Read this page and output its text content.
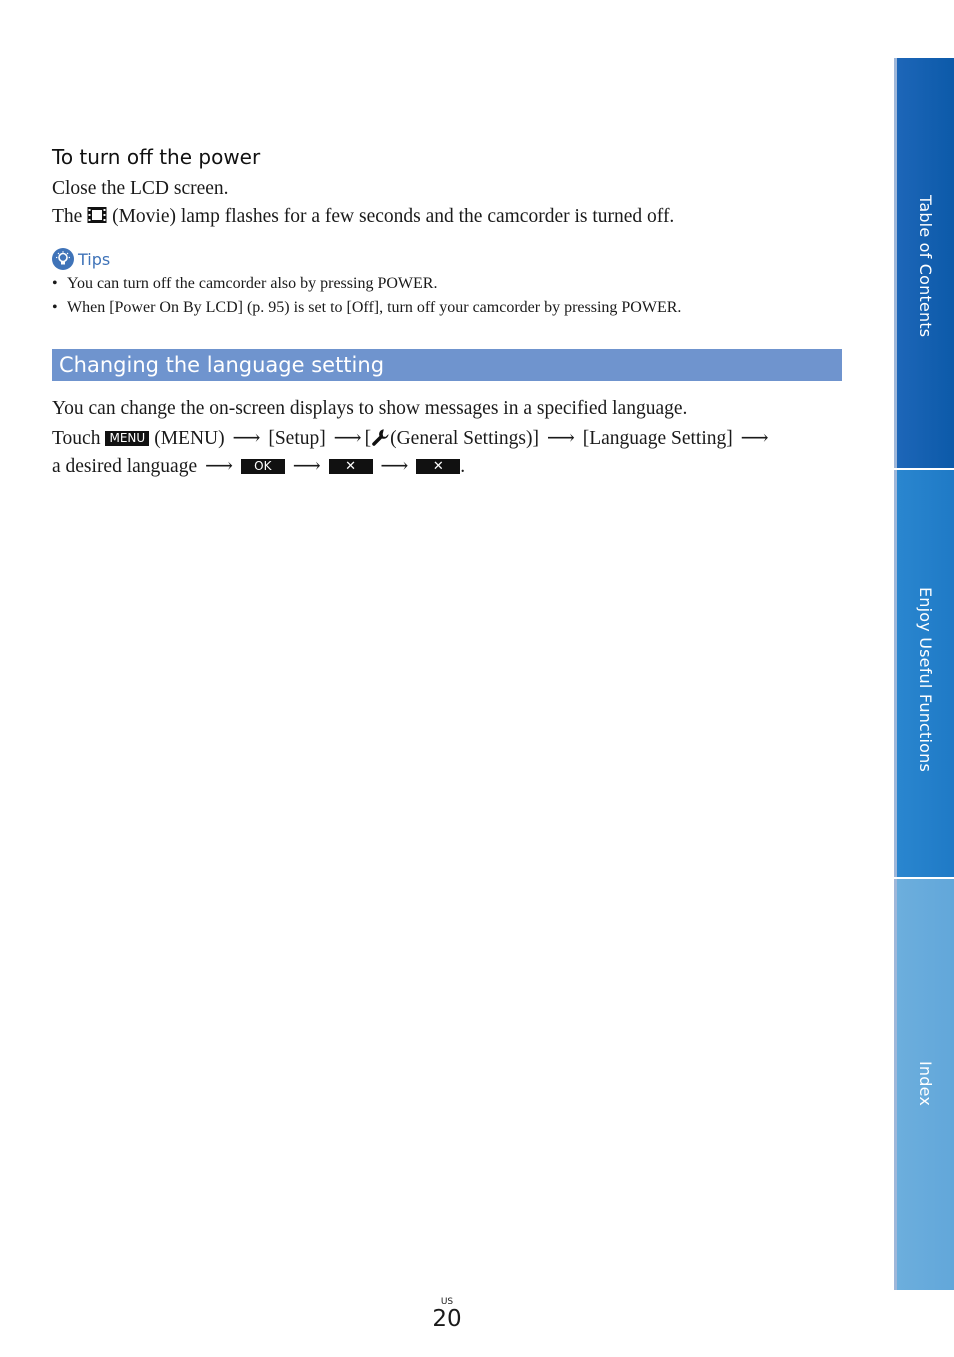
To turn off the power
Close the LCD screen.
The (Movie) lamp flashes for a few seconds and the camcorder is turned off.
Tips
• You can turn off the camcorder also by pressing POWER.
• When [Power On By LCD] (p. 95) is set to [Off], turn off your camcorder by pressing POWER.
Changing the language setting
You can change the on-screen displays to show messages in a specified language.
Touch MENU (MENU) ⟶ [Setup] ⟶ [ (General Settings)] ⟶ [Language Setting] ⟶
a desired language ⟶ OK ⟶ ✕ ⟶ ✕ .
Table of Contents
Enjoy Useful Functions
Index
US
20
